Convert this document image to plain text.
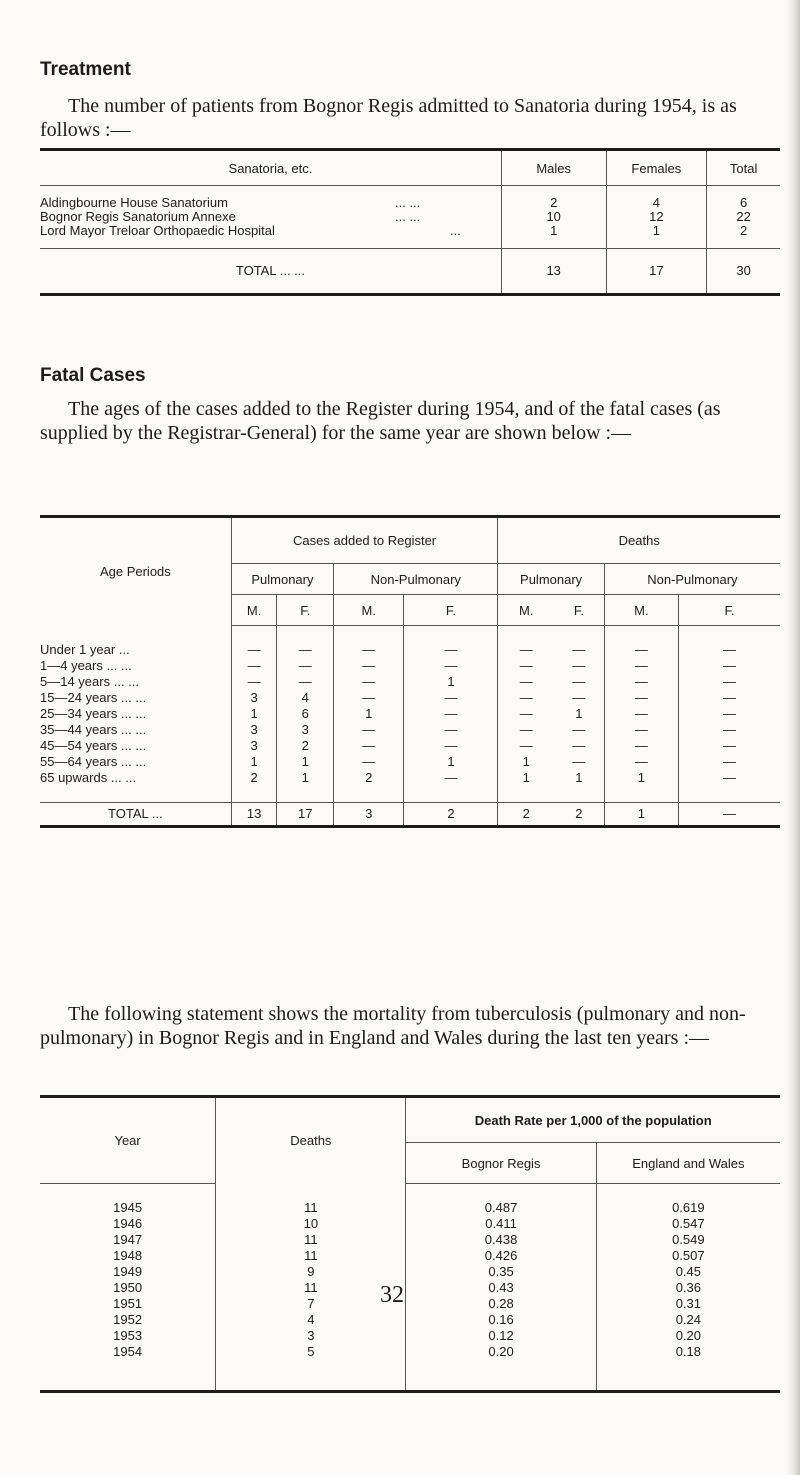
Treatment

The number of patients from Bognor Regis admitted to Sanatoria during 1954, is as follows :—

Sanatoria, etc.	Males	Females	Total

Aldingbourne House Sanatorium ... ...	2	4	6
Bognor Regis Sanatorium Annexe ... ...	10	12	22
Lord Mayor Treloar Orthopaedic Hospital ...	1	1	2

TOTAL ... ...	13	17	30
Fatal Cases

The ages of the cases added to the Register during 1954, and of the fatal cases (as supplied by the Registrar-General) for the same year are shown below :—

Age Periods	Cases added to Register				Deaths			
	Pulmonary		Non-Pulmonary		Pulmonary		Non-Pulmonary	
	M.	F.	M.	F.	M.	F.	M.	F.

Under 1 year ...	—	—	—	—	—	—	—	—
1—4 years ... ...	—	—	—	—	—	—	—	—
5—14 years ... ...	—	—	—	1	—	—	—	—
15—24 years ... ...	3	4	—	—	—	—	—	—
25—34 years ... ...	1	6	1	—	—	1	—	—
35—44 years ... ...	3	3	—	—	—	—	—	—
45—54 years ... ...	3	2	—	—	—	—	—	—
55—64 years ... ...	1	1	—	1	1	—	—	—
65 upwards ... ...	2	1	2	—	1	1	1	—

TOTAL ...	13	17	3	2	2	2	1	—

The following statement shows the mortality from tuberculosis (pulmonary and non-pulmonary) in Bognor Regis and in England and Wales during the last ten years :—

Year	Deaths	Death Rate per 1,000 of the population	
		Bognor Regis	England and Wales

1945	11	0.487	0.619
1946	10	0.411	0.547
1947	11	0.438	0.549
1948	11	0.426	0.507
1949	9	0.35	0.45
1950	11	0.43	0.36
1951	7	0.28	0.31
1952	4	0.16	0.24
1953	3	0.12	0.20
1954	5	0.20	0.18

32
